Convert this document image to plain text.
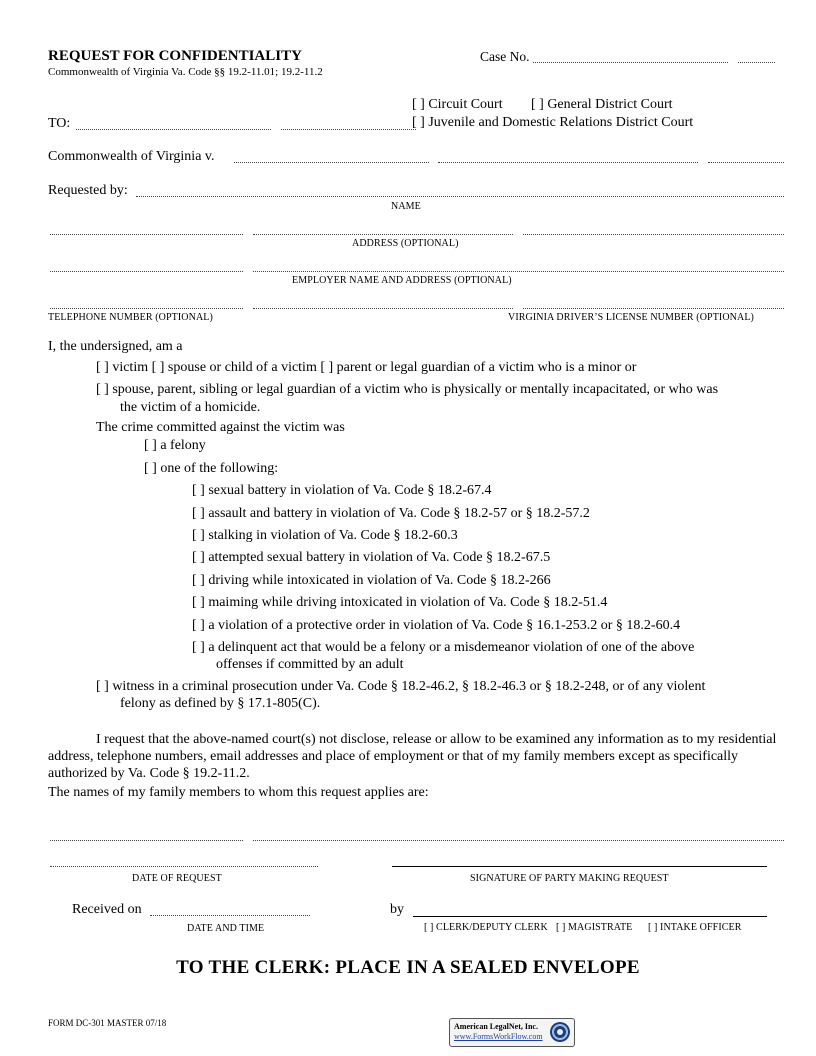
REQUEST FOR CONFIDENTIALITY
Commonwealth of Virginia Va. Code §§ 19.2-11.01; 19.2-11.2
Case No.
[ ] Circuit Court [ ] General District Court
[ ] Juvenile and Domestic Relations District Court
TO:
Commonwealth of Virginia v.
Requested by:
NAME
ADDRESS (OPTIONAL)
EMPLOYER NAME AND ADDRESS (OPTIONAL)
TELEPHONE NUMBER (OPTIONAL)	VIRGINIA DRIVER’S LICENSE NUMBER (OPTIONAL)
I, the undersigned, am a
[ ] victim [ ] spouse or child of a victim [ ] parent or legal guardian of a victim who is a minor or
[ ] spouse, parent, sibling or legal guardian of a victim who is physically or mentally incapacitated, or who was
the victim of a homicide.
The crime committed against the victim was
[ ] a felony
[ ] one of the following:
[ ] sexual battery in violation of Va. Code § 18.2-67.4
[ ] assault and battery in violation of Va. Code § 18.2-57 or § 18.2-57.2
[ ] stalking in violation of Va. Code § 18.2-60.3
[ ] attempted sexual battery in violation of Va. Code § 18.2-67.5
[ ] driving while intoxicated in violation of Va. Code § 18.2-266
[ ] maiming while driving intoxicated in violation of Va. Code § 18.2-51.4
[ ] a violation of a protective order in violation of Va. Code § 16.1-253.2 or § 18.2-60.4
[ ] a delinquent act that would be a felony or a misdemeanor violation of one of the above
offenses if committed by an adult
[ ] witness in a criminal prosecution under Va. Code § 18.2-46.2, § 18.2-46.3 or § 18.2-248, or of any violent
felony as defined by § 17.1-805(C).
I request that the above-named court(s) not disclose, release or allow to be examined any information as to my residential address, telephone numbers, email addresses and place of employment or that of my family members except as specifically authorized by Va. Code § 19.2-11.2.
The names of my family members to whom this request applies are:
DATE OF REQUEST	SIGNATURE OF PARTY MAKING REQUEST
Received on	by
DATE AND TIME	[ ] CLERK/DEPUTY CLERK [ ] MAGISTRATE [ ] INTAKE OFFICER
TO THE CLERK: PLACE IN A SEALED ENVELOPE
FORM DC-301 MASTER 07/18	American LegalNet, Inc.
www.FormsWorkFlow.com
